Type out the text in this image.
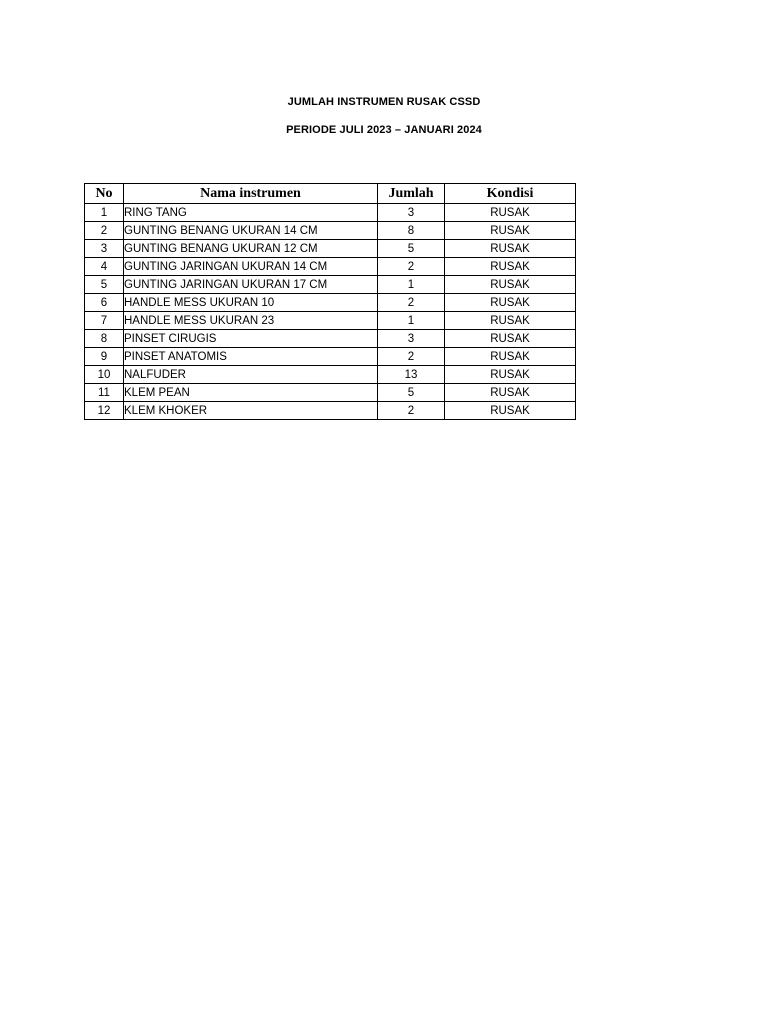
JUMLAH INSTRUMEN RUSAK CSSD
PERIODE JULI 2023 – JANUARI 2024
No	Nama instrumen	Jumlah	Kondisi
1	RING TANG	3	RUSAK
2	GUNTING BENANG UKURAN 14 CM	8	RUSAK
3	GUNTING BENANG UKURAN 12 CM	5	RUSAK
4	GUNTING JARINGAN UKURAN 14 CM	2	RUSAK
5	GUNTING JARINGAN UKURAN 17 CM	1	RUSAK
6	HANDLE MESS UKURAN 10	2	RUSAK
7	HANDLE MESS UKURAN 23	1	RUSAK
8	PINSET CIRUGIS	3	RUSAK
9	PINSET ANATOMIS	2	RUSAK
10	NALFUDER	13	RUSAK
11	KLEM PEAN	5	RUSAK
12	KLEM KHOKER	2	RUSAK
